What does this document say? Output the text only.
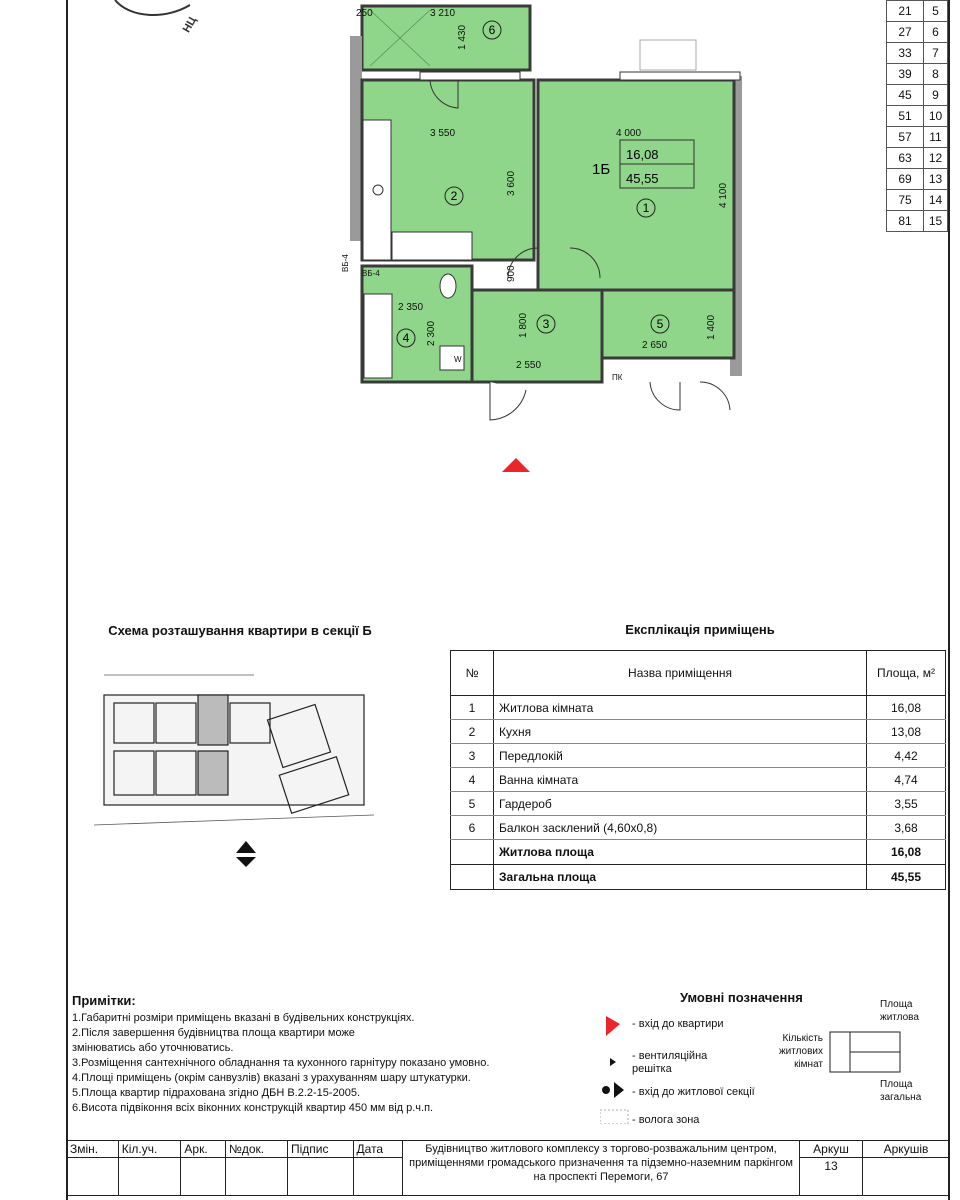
НЦ
21	5
27	6
33	7
39	8
45	9
51	10
57	11
63	12
69	13
75	14
81	15
1Б
16,08
45,55
1
2
3
4
5
6
3 210
250
1 430
3 550
3 600
4 000
4 100
900
2 350
2 300
2 550
1 800
2 650
1 400
ВБ-4
ВБ-4
W
ПК
Схема розташування квартири в секції Б	Експлікація приміщень
№	Назва приміщення	Площа, м²
1	Житлова кімната	16,08
2	Кухня	13,08
3	Передлокій	4,42
4	Ванна кімната	4,74
5	Гардероб	3,55
6	Балкон засклений (4,60x0,8)	3,68
	Житлова площа	16,08
	Загальна площа	45,55
Примітки:
1.Габаритні розміри приміщень вказані в будівельних конструкціях.
2.Після завершення будівництва площа квартири може
змінюватись або уточнюватись.
3.Розміщення сантехнічного обладнання та кухонного гарнітуру показано умовно.
4.Площі приміщень (окрім санвузлів) вказані з урахуванням шару штукатурки.
5.Площа квартир підрахована згідно ДБН В.2.2-15-2005.
6.Висота підвіконня всіх віконних конструкцій квартир 450 мм від р.ч.п.
Умовні позначення
- вхід до квартири
- вентиляційна решітка
- вхід до житлової секції
- вологa зона
Кількість житлових кімнат
Площа житлова
Площа загальна
Змін.	Кіл.уч.	Арк.	№док.	Підпис	Дата	Будівництво житлового комплексу з торгово-розважальним центром, приміщеннями громадського призначення та підземно-наземним паркінгом на проспекті Перемоги, 67	Аркуш	Аркушів
							13	
